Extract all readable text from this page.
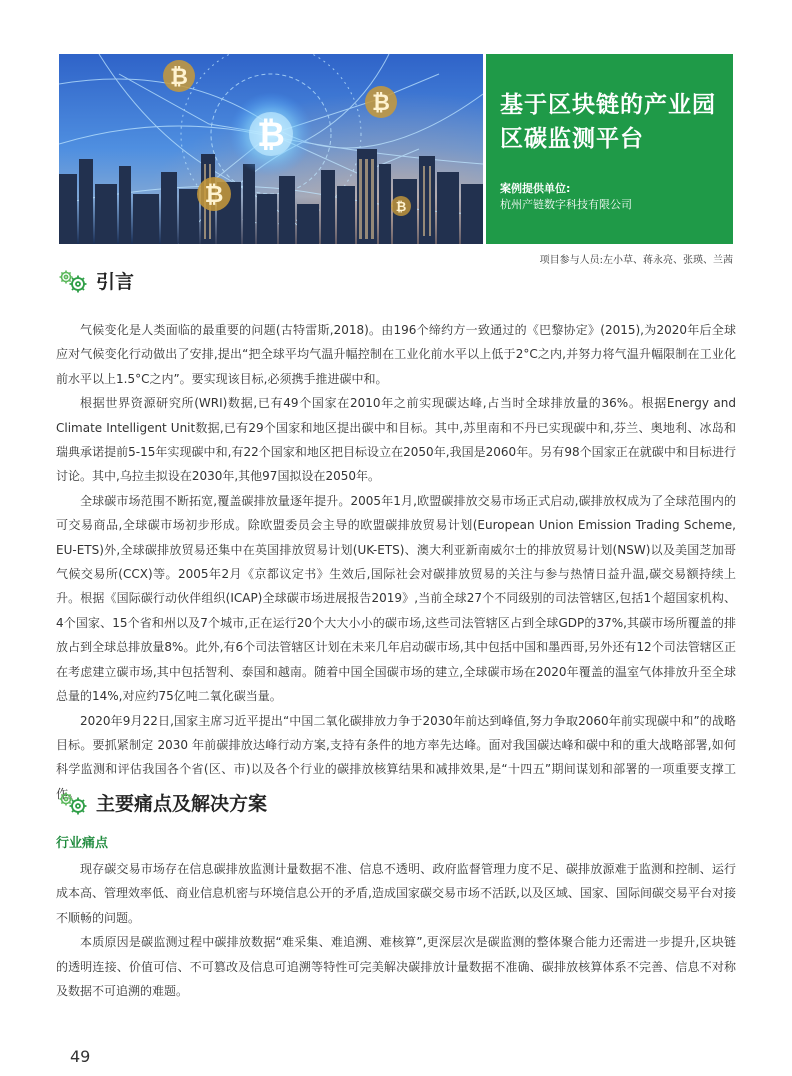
₿
₿
₿
₿	₿
基于区块链的产业园
区碳监测平台
案例提供单位:
杭州产链数字科技有限公司
项目参与人员:左小草、蒋永亮、张瑛、兰茜
引言

气候变化是人类面临的最重要的问题(古特雷斯,2018)。由196个缔约方一致通过的《巴黎协定》(2015),为2020年后全球应对气候变化行动做出了安排,提出“把全球平均气温升幅控制在工业化前水平以上低于2°C之内,并努力将气温升幅限制在工业化前水平以上1.5°C之内”。要实现该目标,必须携手推进碳中和。

根据世界资源研究所(WRI)数据,已有49个国家在2010年之前实现碳达峰,占当时全球排放量的36%。根据Energy and Climate Intelligent Unit数据,已有29个国家和地区提出碳中和目标。其中,苏里南和不丹已实现碳中和,芬兰、奥地利、冰岛和瑞典承诺提前5-15年实现碳中和,有22个国家和地区把目标设立在2050年,我国是2060年。另有98个国家正在就碳中和目标进行讨论。其中,乌拉圭拟设在2030年,其他97国拟设在2050年。

全球碳市场范围不断拓宽,覆盖碳排放量逐年提升。2005年1月,欧盟碳排放交易市场正式启动,碳排放权成为了全球范围内的可交易商品,全球碳市场初步形成。除欧盟委员会主导的欧盟碳排放贸易计划(European Union Emission Trading Scheme, EU-ETS)外,全球碳排放贸易还集中在英国排放贸易计划(UK-ETS)、澳大利亚新南威尔士的排放贸易计划(NSW)以及美国芝加哥气候交易所(CCX)等。2005年2月《京都议定书》生效后,国际社会对碳排放贸易的关注与参与热情日益升温,碳交易额持续上升。根据《国际碳行动伙伴组织(ICAP)全球碳市场进展报告2019》,当前全球27个不同级别的司法管辖区,包括1个超国家机构、4个国家、15个省和州以及7个城市,正在运行20个大大小小的碳市场,这些司法管辖区占到全球GDP的37%,其碳市场所覆盖的排放占到全球总排放量8%。此外,有6个司法管辖区计划在未来几年启动碳市场,其中包括中国和墨西哥,另外还有12个司法管辖区正在考虑建立碳市场,其中包括智利、泰国和越南。随着中国全国碳市场的建立,全球碳市场在2020年覆盖的温室气体排放升至全球总量的14%,对应约75亿吨二氧化碳当量。

2020年9月22日,国家主席习近平提出“中国二氧化碳排放力争于2030年前达到峰值,努力争取2060年前实现碳中和”的战略目标。要抓紧制定 2030 年前碳排放达峰行动方案,支持有条件的地方率先达峰。面对我国碳达峰和碳中和的重大战略部署,如何科学监测和评估我国各个省(区、市)以及各个行业的碳排放核算结果和减排效果,是“十四五”期间谋划和部署的一项重要支撑工作。 主要痛点及解决方案
行业痛点

现存碳交易市场存在信息碳排放监测计量数据不准、信息不透明、政府监督管理力度不足、碳排放源难于监测和控制、运行成本高、管理效率低、商业信息机密与环境信息公开的矛盾,造成国家碳交易市场不活跃,以及区域、国家、国际间碳交易平台对接不顺畅的问题。

本质原因是碳监测过程中碳排放数据“难采集、难追溯、难核算”,更深层次是碳监测的整体聚合能力还需进一步提升,区块链的透明连接、价值可信、不可篡改及信息可追溯等特性可完美解决碳排放计量数据不准确、碳排放核算体系不完善、信息不对称及数据不可追溯的难题。

49
